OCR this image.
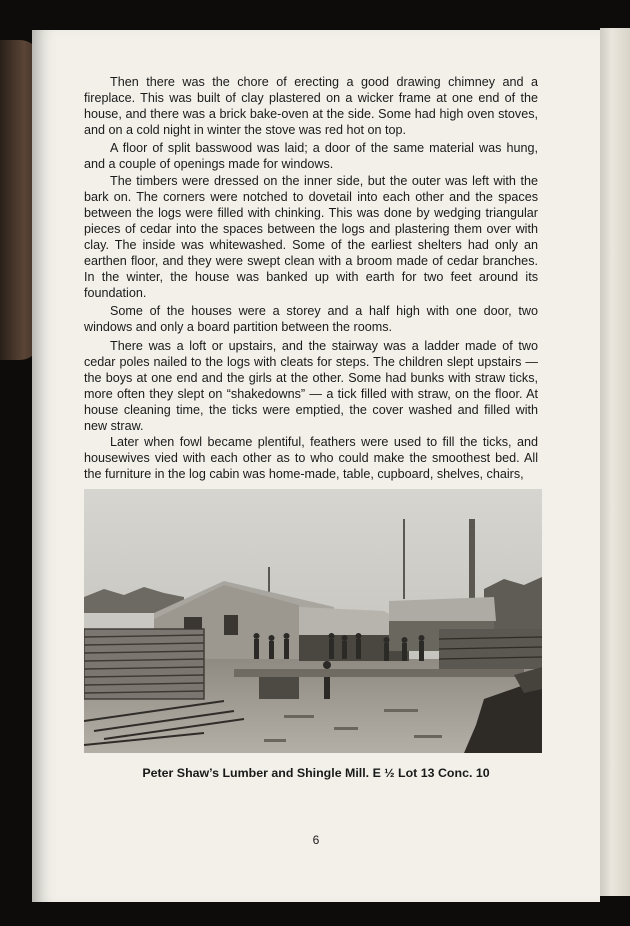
Then there was the chore of erecting a good drawing chimney and a fireplace. This was built of clay plastered on a wicker frame at one end of the house, and there was a brick bake-oven at the side. Some had high oven stoves, and on a cold night in winter the stove was red hot on top.

A floor of split basswood was laid; a door of the same material was hung, and a couple of openings made for windows.

The timbers were dressed on the inner side, but the outer was left with the bark on. The corners were notched to dovetail into each other and the spaces between the logs were filled with chinking. This was done by wedging triangular pieces of cedar into the spaces between the logs and plastering them over with clay. The inside was whitewashed. Some of the earliest shelters had only an earthen floor, and they were swept clean with a broom made of cedar branches. In the winter, the house was banked up with earth for two feet around its foundation.

Some of the houses were a storey and a half high with one door, two windows and only a board partition between the rooms.

There was a loft or upstairs, and the stairway was a ladder made of two cedar poles nailed to the logs with cleats for steps. The children slept upstairs — the boys at one end and the girls at the other. Some had bunks with straw ticks, more often they slept on “shakedowns” — a tick filled with straw, on the floor. At house cleaning time, the ticks were emptied, the cover washed and filled with new straw.

Later when fowl became plentiful, feathers were used to fill the ticks, and housewives vied with each other as to who could make the smoothest bed. All the furniture in the log cabin was home-made, table, cupboard, shelves, chairs,

Peter Shaw’s Lumber and Shingle Mill. E ½ Lot 13 Conc. 10
6
